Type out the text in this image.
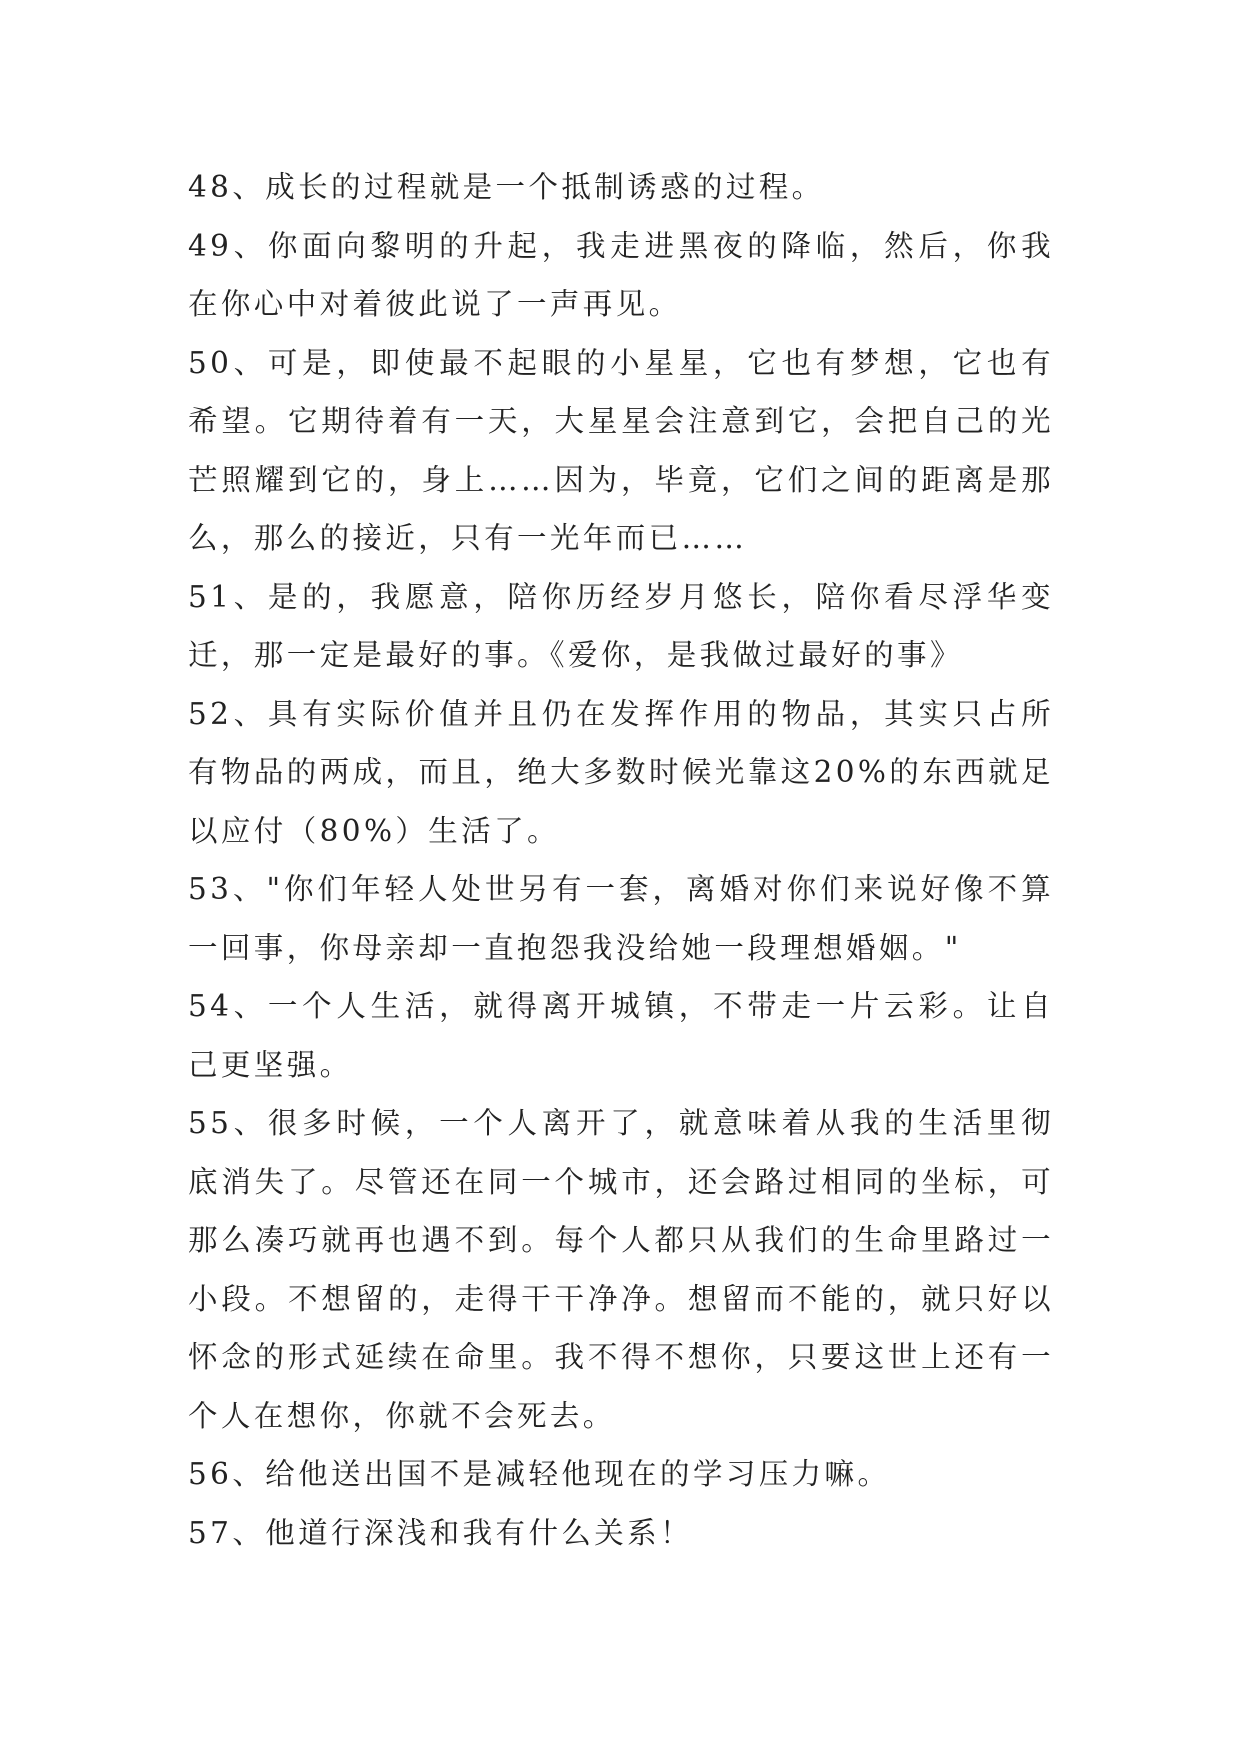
48、成长的过程就是一个抵制诱惑的过程。

49、你面向黎明的升起，我走进黑夜的降临，然后，你我在你心中对着彼此说了一声再见。

50、可是，即使最不起眼的小星星，它也有梦想，它也有希望。它期待着有一天，大星星会注意到它，会把自己的光芒照耀到它的，身上……因为，毕竟，它们之间的距离是那么，那么的接近，只有一光年而已……

51、是的，我愿意，陪你历经岁月悠长，陪你看尽浮华变迁，那一定是最好的事。《爱你，是我做过最好的事》

52、具有实际价值并且仍在发挥作用的物品，其实只占所有物品的两成，而且，绝大多数时候光靠这20%的东西就足以应付（80%）生活了。

53、"你们年轻人处世另有一套，离婚对你们来说好像不算一回事，你母亲却一直抱怨我没给她一段理想婚姻。"

54、一个人生活，就得离开城镇，不带走一片云彩。让自己更坚强。

55、很多时候，一个人离开了，就意味着从我的生活里彻底消失了。尽管还在同一个城市，还会路过相同的坐标，可那么凑巧就再也遇不到。每个人都只从我们的生命里路过一小段。不想留的，走得干干净净。想留而不能的，就只好以怀念的形式延续在命里。我不得不想你，只要这世上还有一个人在想你，你就不会死去。

56、给他送出国不是减轻他现在的学习压力嘛。

57、他道行深浅和我有什么关系！
